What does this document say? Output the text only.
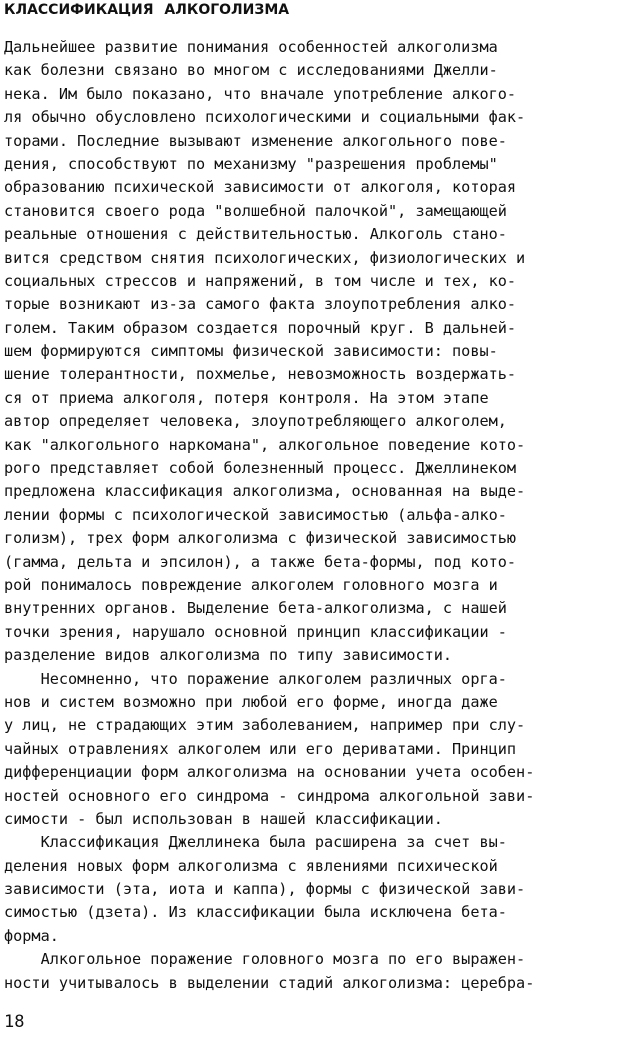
КЛАССИФИКАЦИЯ АЛКОГОЛИЗМА
Дальнейшее развитие понимания особенностей алкоголизма
как болезни связано во многом с исследованиями Джелли-
нека. Им было показано, что вначале употребление алкого-
ля обычно обусловлено психологическими и социальными фак-
торами. Последние вызывают изменение алкогольного пове-
дения, способствуют по механизму "разрешения проблемы"
образованию психической зависимости от алкоголя, которая
становится своего рода "волшебной палочкой", замещающей
реальные отношения с действительностью. Алкоголь стано-
вится средством снятия психологических, физиологических и
социальных стрессов и напряжений, в том числе и тех, ко-
торые возникают из-за самого факта злоупотребления алко-
голем. Таким образом создается порочный круг. В дальней-
шем формируются симптомы физической зависимости: повы-
шение толерантности, похмелье, невозможность воздержать-
ся от приема алкоголя, потеря контроля. На этом этапе
автор определяет человека, злоупотребляющего алкоголем,
как "алкогольного наркомана", алкогольное поведение кото-
рого представляет собой болезненный процесс. Джеллинеком
предложена классификация алкоголизма, основанная на выде-
лении формы с психологической зависимостью (альфа-алко-
голизм), трех форм алкоголизма с физической зависимостью
(гамма, дельта и эпсилон), а также бета-формы, под кото-
рой понималось повреждение алкоголем головного мозга и
внутренних органов. Выделение бета-алкоголизма, с нашей
точки зрения, нарушало основной принцип классификации -
разделение видов алкоголизма по типу зависимости.
Несомненно, что поражение алкоголем различных орга-
нов и систем возможно при любой его форме, иногда даже
у лиц, не страдающих этим заболеванием, например при слу-
чайных отравлениях алкоголем или его дериватами. Принцип
дифференциации форм алкоголизма на основании учета особен-
ностей основного его синдрома - синдрома алкогольной зави-
симости - был использован в нашей классификации.
Классификация Джеллинека была расширена за счет вы-
деления новых форм алкоголизма с явлениями психической
зависимости (эта, иота и каппа), формы с физической зави-
симостью (дзета). Из классификации была исключена бета-
форма.
Алкогольное поражение головного мозга по его выражен-
ности учитывалось в выделении стадий алкоголизма: церебра-
18
